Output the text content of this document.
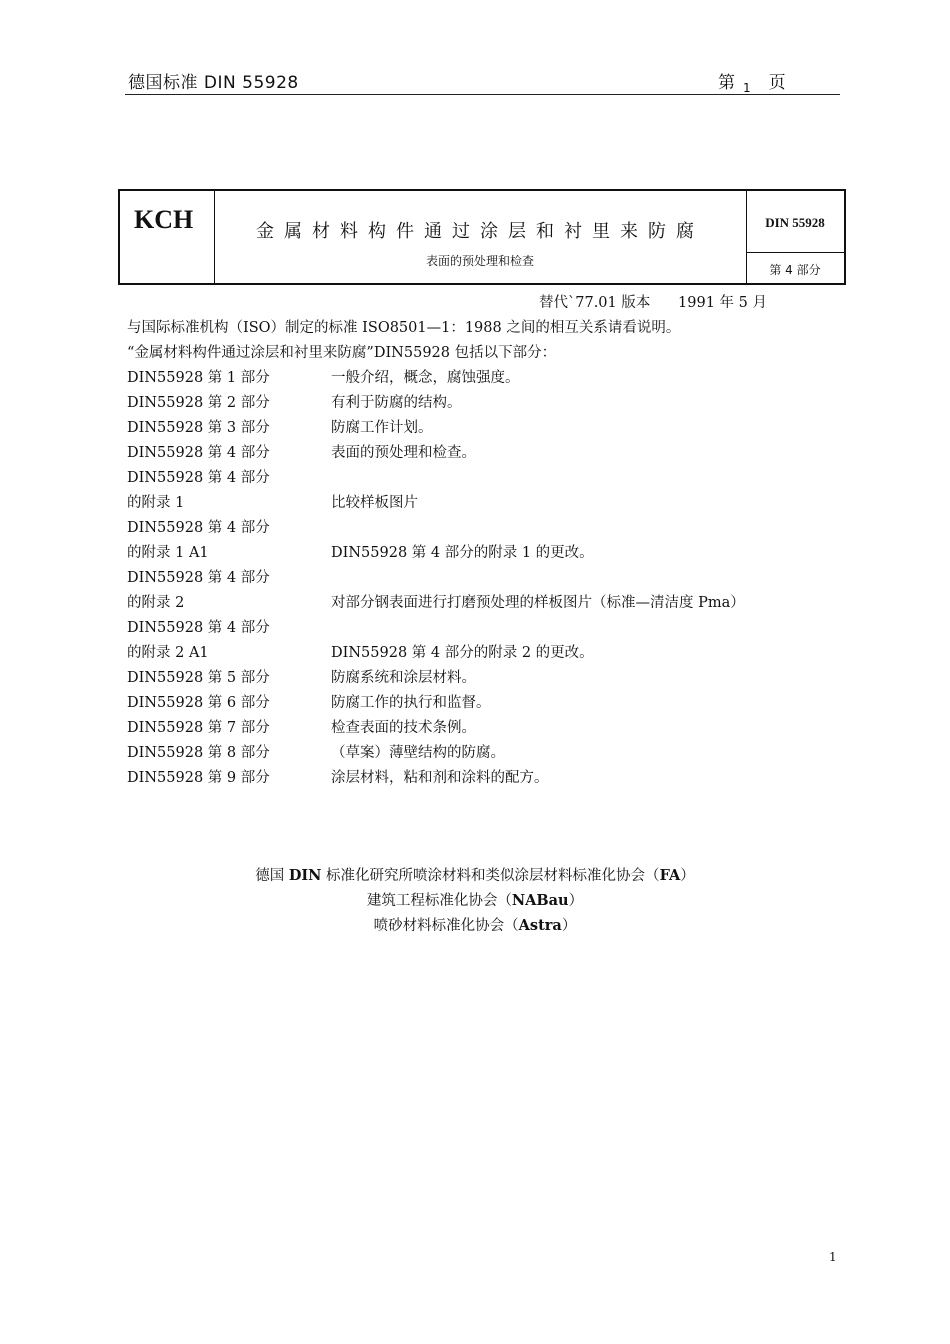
德国标准 DIN 55928	第 $_1$ 页
KCH	金属材料构件通过涂层和衬里来防腐
表面的预处理和检查
DIN 55928
第 4 部分
替代`77.01 版本      1991 年 5 月
与国际标准机构（ISO）制定的标准 ISO8501—1：1988 之间的相互关系请看说明。
“金属材料构件通过涂层和衬里来防腐”DIN55928 包括以下部分：
DIN55928 第 1 部分	一般介绍，概念，腐蚀强度。
DIN55928 第 2 部分	有利于防腐的结构。
DIN55928 第 3 部分	防腐工作计划。
DIN55928 第 4 部分	表面的预处理和检查。
DIN55928 第 4 部分
的附录 1	比较样板图片
DIN55928 第 4 部分
的附录 1 A1	DIN55928 第 4 部分的附录 1 的更改。
DIN55928 第 4 部分
的附录 2	对部分钢表面进行打磨预处理的样板图片（标准—清洁度 Pma）
DIN55928 第 4 部分
的附录 2 A1	DIN55928 第 4 部分的附录 2 的更改。
DIN55928 第 5 部分	防腐系统和涂层材料。
DIN55928 第 6 部分	防腐工作的执行和监督。
DIN55928 第 7 部分	检查表面的技术条例。
DIN55928 第 8 部分	（草案）薄壁结构的防腐。
DIN55928 第 9 部分	涂层材料，粘和剂和涂料的配方。
德国 DIN 标准化研究所喷涂材料和类似涂层材料标准化协会（FA）
建筑工程标准化协会（NABau）
喷砂材料标准化协会（Astra）
1
